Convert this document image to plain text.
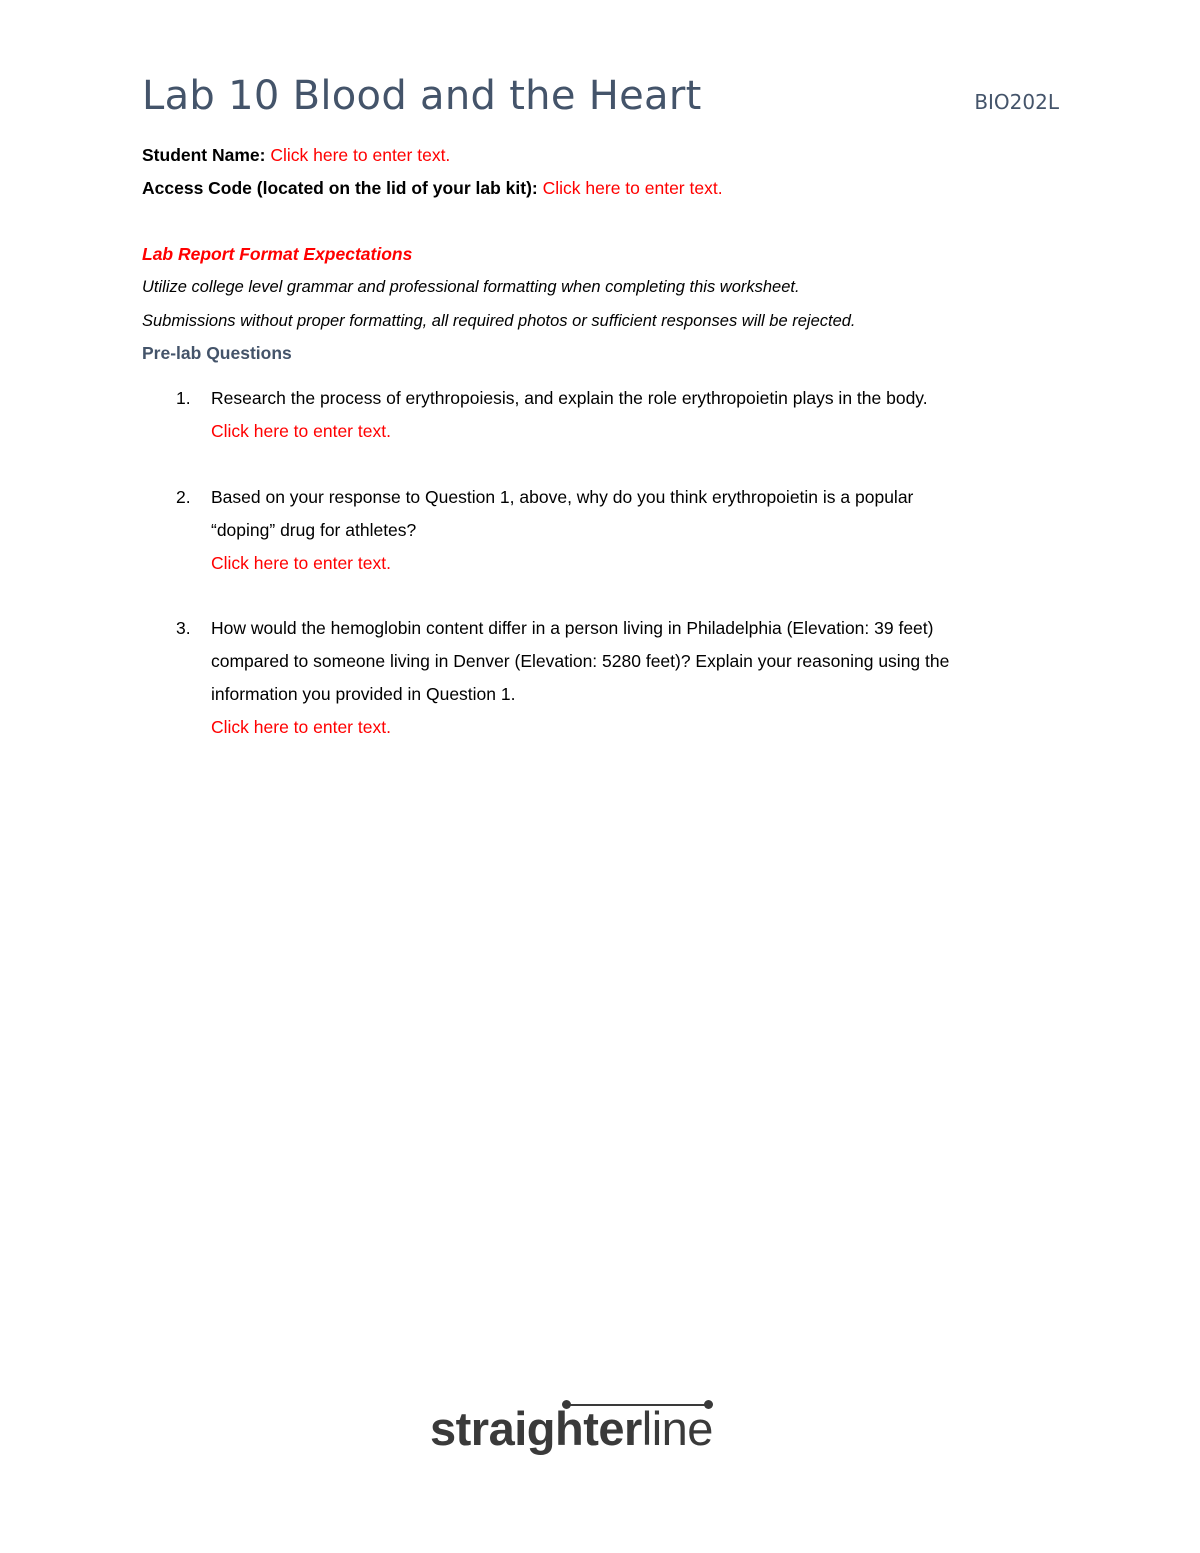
Lab 10 Blood and the Heart	BIO202L
Student Name: Click here to enter text.
Access Code (located on the lid of your lab kit): Click here to enter text.
Lab Report Format Expectations
Utilize college level grammar and professional formatting when completing this worksheet.
Submissions without proper formatting, all required photos or sufficient responses will be rejected.
Pre-lab Questions
1. Research the process of erythropoiesis, and explain the role erythropoietin plays in the body.
Click here to enter text.
2. Based on your response to Question 1, above, why do you think erythropoietin is a popular
“doping” drug for athletes?
Click here to enter text.
3. How would the hemoglobin content differ in a person living in Philadelphia (Elevation: 39 feet)
compared to someone living in Denver (Elevation: 5280 feet)? Explain your reasoning using the
information you provided in Question 1.
Click here to enter text.
straighterline
